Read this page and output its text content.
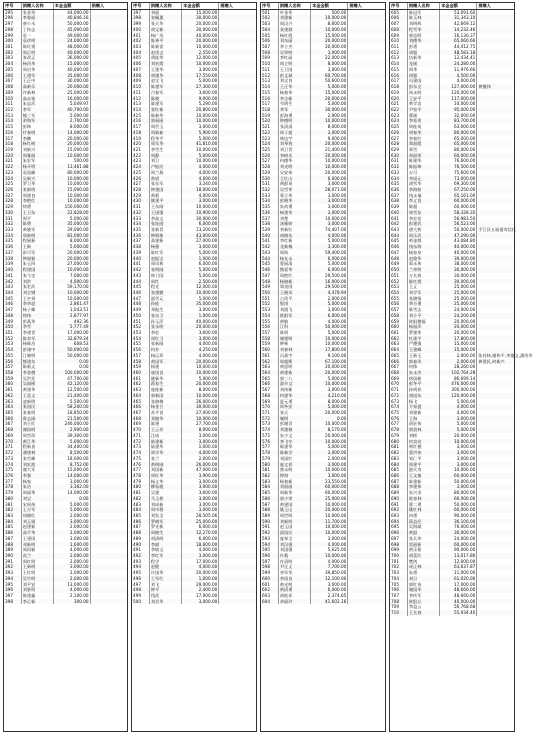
序号	捐赠人名称	本金金额	捐赠人
295	张金翠	44,000.00	
296	李春丽	40,846.16	
297	唐小水	50,000.00	
298	丁传志	45,000.00	
299	袁一	49,000.00	
300	袁改明	24,000.00	
301	陈红建	48,000.00	
302	周正明	40,000.00	
303	张改正	36,000.00	
304	杨昌华	15,000.00	
305	周启华	40,000.00	
306	王建军	35,000.00	
307	王正中	30,000.00	
308	高新乐	20,000.00	
309	许新林	25,000.00	
310	高永家	16,000.00	
311	朱忠武	5,049.97	
312	李军	40,700.00	
313	熊三军	5,000.00	
314	余海军	2,700.00	
315	彭林	8,000.00	
316	付春明	14,000.00	
317	李鹏	20,000.00	
318	杨红彬	20,000.00	
319	刘新兴	15,000.00	
320	周雅丽	10,000.00	
321	朱宏军	500.00	
322	杨开明	13,461.88	
323	袁国峰	80,000.00	
324	吴新兴	10,000.00	
325	罗卫华	10,000.00	
326	张新明	15,000.00	
327	周建良	10,000.00	
328	李艳红	10,000.00	
329	徐勇	150,000.00	
330	王卫东	22,828.00	
331	周平	5,000.00	
332	陈勇	35,000.00	
333	黄晓军	29,000.00	
334	郑新明	83,000.00	
335	程丽新	8,000.00	
336	王新	5,000.00	
337	彭可军	20,000.00	
338	钟丽新	20,000.00	
339	朱玉四	27,000.00	
340	程建国	10,000.00	
341	张今定	7,000.00	
342	刘洪	4,000.00	
343	张宏武	59,170.00	
344	刘全钢	10,000.00	
345	王中刘	10,000.00	
346	李华思	2,861.47	
347	杨子峰	1,043.51	
348	徐伟	2,877.97	
349	彭燕华	492.36	
350	李雪	5,777.49	
351	李建青	17,000.00	
352	陈寿军	32,879.24	
353	杨辉昌	608.53	
354	彭建中	50,000.00	
355	江晓明	50,000.00	
356	熊建东	0.00	
357	陈新文	0.00	
358	李金德	100,000.00	
359	吴洪发	47,700.00	
360	吴福彬	42,120.00	
361	黄建华	12,500.00	
362	王喜文	21,400.00	
363	凌新明	5,500.00	
364	张国民	58,200.00	
365	张春明	18,850.00	
366	鲁志刚	21,500.00	
367	刘王红	246,000.00	
368	谢国明	2,900.00	
369	周雪珍	39,300.00	
370	黄江华	5,000.00	
371	程新良	34,400.00	
372	潘建林	8,500.00	
373	张雪峰	18,000.00	
374	刘宏波	8,752.00	
375	谢大军	15,000.00	
376	李强	14,000.00	
377	杨家	3,000.00	
378	朱洁	3,362.00	
379	周丽华	14,000.00	
380	刘宝	0.00	
381	宋同伟	5,000.00	
382	王方军	5,000.00	
383	胡晓红	2,000.00	
384	刘玉娟	3,000.00	
385	赵建新	2,000.00	
386	高平华	2,000.00	
387	王建国	3,000.00	
388	邓新明	1,600.00	
389	周再新	4,000.00	
390	再兰	2,000.00	
391	周红明	2,000.00	
392	王新明	3,000.00	
393	王红明	2,000.00	
394	吴竹明	2,000.00	
395	刘平安	13,000.00	
396	刘景明	4,000.00	
397	陈建鑫	2,100.00	
398	李正新	300.00	
序号	捐赠人名称	本金金额	捐赠人
397	刘丽	15,000.00	
398	张佩惠	30,000.00	
399	张天华	20,000.00	
400	胡文新	30,000.00	
401	杨广凤	40,000.00	
402	陈善平	20,000.00	
403	陈新雷	10,000.00	
404	赵茂文	2,550.00	
405	胡桂华	12,000.00	
406	刘宏霞	10,000.00	
407	王建华	3,000.00	
408	胡建华	17,550.00	
409	赵宝飞	5,000.00	
410	陈建军	27,300.00	
411	吕春军	3,000.00	
412	陈晓	9,000.00	
413	陈建军	5,290.00	
414	张红新	20,800.00	
415	陈新华	10,000.00	
416	郭丽丽	10,000.00	
417	周世玉	3,000.00	
418	周新新	5,900.00	
419	程华平	5,000.00	
420	周军华	41,810.00	
421	李雪生	10,000.00	
422	周静	5,000.00	
423	刘卫	10,000.00	
424	卢振民	4,000.00	
425	周兰燕	4,000.00	
426	黄道	4,000.00	
427	张东军	3,240.00	
428	钟建国	18,000.00	
429	黄莉	4,000.00	
430	姚建平	3,000.00	
431	王东刚	10,000.00	
432	王国强	10,900.00	
433	李高文	30,000.00	
434	张连刚	6,000.00	
435	张新青	13,200.00	
436	钟炳彬	43,000.00	
437	高建新	27,000.00	
438	杨强	3,000.00	
439	陈红军	5,000.00	
440	赵振宝	1,000.00	
441	周凤和	6,000.00	
442	张明刚	5,000.00	
443	林卫国	5,000.00	
444	周红	2,500.00	
445	程光	12,000.00	
446	张建勤	10,000.00	
447	邵雪元	5,000.00	
448	孙桂	35,000.00	
449	邓振生	3,000.00	
450	张东卫	1,000.00	
451	孙玉萍	40,000.00	
452	张永明	20,000.00	
453	李宏	3,000.00	
454	周红卫	3,000.00	
455	张新刚	4,000.00	
456	何芳	4,250.00	
457	杨运珍	4,000.00	
458	黄国军	20,000.00	
459	杨建	10,000.00	
460	庞国良	10,000.00	
461	姚新华	5,000.00	
462	蒋家生	20,000.00	
463	庞桂新	8,000.00	
464	郭新国	10,000.00	
465	张晓梅	26,000.00	
466	杨金合	30,000.00	
467	苏平良	27,000.00	
468	刘晓华	10,000.00	
469	陈建	27,700.00	
470	王云芳	8,000.00	
471	汪成	3,000.00	
472	陈建新	3,000.00	
473	陆建华	1,000.00	
474	周学华	4,000.00	
475	张兰	2,000.00	
476	黄明刚	26,000.00	
477	刘国新	47,000.00	
478	周红华	3,900.00	
479	杨义华	3,000.00	
480	柳家超	3,000.00	
481	吴建	3,000.00	
482	马玉桥	3,000.00	
483	刘成新	3,000.00	
484	周中群	3,000.00	
485	刘发全	28,505.06	
486	罗晓军	25,000.00	
487	罗光新	6,000.00	
488	周晓生	12,270.00	
489	胡清明	6,000.00	
490	李斌	18,600.00	
491	李焕文	4,000.00	
492	李红军	3,000.00	
493	程学	17,000.00	
494	赵健	4,000.00	
495	许国华	20,000.00	
496	王军红	1,000.00	
497	刘飞	29,000.00	
498	钟平	2,400.00	
499	钱武	17,000.00	
500	刘京华	3,000.00	
序号	捐赠人名称	本金金额	捐赠人
501	叶金华	500.00	
502	刘建新	10,000.00	
503	周汉兴	8,600.00	
504	张建群	10,000.00	
505	杨红霞	15,000.00	
506	刘东丽	20,000.00	
507	李立杰	20,000.00	
508	吴翠明	3,000.00	
509	李红丽	22,000.00	
510	周立明	8,000.00	
511	王卫国	3,000.00	
512	彭文斌	60,700.00	
513	刘全良	50,600.00	
514	王正华	5,000.00	
515	杨春华	15,000.00	
516	李全新	20,000.00	
517	韦明生	5,000.00	
518	李军	30,000.00	
519	彭海勇	2,900.00	
520	钟德明	10,000.00	
521	张清清	8,000.00	
522	周子超	3,000.00	
523	林达宇	9,000.00	
524	刘琴筠	20,000.00	
525	刘卫青	21,400.00	
526	李树光	20,000.00	
527	何德华	10,000.00	
528	刘光明	10,000.00	
529	吴安伟	20,000.00	
530	王红山	6,000.00	
531	黄群英	3,000.00	
532	吴雪华	28,071.00	
533	郑立华	3,000.00	
534	彭晓华	3,000.00	
535	朱尚勇	3,000.00	
536	杨建华	3,000.00	
537	刘楚	10,000.00	
538	汤雅婷	3,000.00	
539	李新红	74,407.00	
540	胡晓东	4,000.00	
541	李红新	5,000.00	
542	龙新梅	3,300.00	
543	周筠	59,400.00	
544	杨友永	6,000.00	
545	曹丽清	5,000.00	
546	熊爱华	6,000.00	
547	周艳红	29,500.00	
548	杨晓新	16,000.00	
549	郑良国	29,500.00	
550	王晓凤	4,478.94	
551	占贵平	2,000.00	
552	殷涛	5,000.00	
553	刘禧飞	3,000.00	
554	欧阳军	6,000.00	
555	黄敏	4,000.00	
556	江科	50,000.00	
557	陈明	5,000.00	
558	谢建明	10,000.00	
559	钟林	10,000.00	
560	刘春林	17,800.00	
561	冯嘉宇	9,100.00	
562	周超斯	67,100.00	
563	黄思明	20,000.00	
564	黄建新	20,000.00	
565	郭三八	5,000.00	
566	游多文	10,000.00	
567	刘伟新	3,000.00	
568	何建华	4,210.00	
569	夏元勇	8,000.00	
570	周冬安	5,000.00	
571	张天	20,000.00	
572	谢明	0.00	
573	彭谢君	10,000.00	
574	刘建雅	8,170.00	
575	朱少文	20,000.00	
576	李飞亭	10,000.00	
577	陈建华	5,000.00	
578	陈新学	3,000.00	
579	刘国红	2,000.00	
580	庞文祥	3,000.00	
581	黎永明	10,000.00	
582	钟海	3,000.00	
583	杨春新	23,550.00	
584	刘丽丽	60,000.00	
585	周新华	60,000.00	
586	郭少荣	25,000.00	
587	黄建国	10,000.00	
588	姚玉山	20,000.00	
589	周世明	10,000.00	
590	刘新明	11,700.00	
591	赵玉国	10,000.00	
592	邱国民	10,000.00	
593	庞奉全	3,000.00	
594	刘汉强	4,000.00	
595	刘国强	5,625.00	
596	许燕	10,000.00	
597	许清明	4,000.00	
598	尹正义	7,700.00	
599	李军华	39,850.00	
600	李国良	12,100.00	
601	黄光明	3,000.00	
602	黄清勇	6,000.00	
603	胡松祥	2,374.65	
604	余丽玲	41,602.16	
序号	捐赠人名称	本金金额	捐赠人
605	陈冠军	53,091.60	
606	陈玉林	31,343.10	
607	刘明辉	42,669.12	
608	程雪华	14,232.46	
609	郭忠明	16,130.37	
610	刘德华	65,060.66	
611	彭勇	44,412.75	
612	胡超	48,583.18	
613	伍新华	12,434.41	
614	龙刚	24,280.00	
615	周华	11,976.66	
616	胡强	4,500.00	
617	冯建国	4,000.00	
618	彭东全	127,000.00	黄继伟
619	周永明	120,000.00	
620	王安平	117,000.00	
621	黄学忠	10,000.00	
622	尹家平	95,000.00	
623	曹刚	32,000.00	
624	李家贵	83,700.00	
625	周桂英	63,000.00	
626	胡春华	80,000.00	
627	李春红	65,000.00	
628	郑丽霞	65,000.00	
629	郑雪	80,000.00	
630	周丽荣	60,000.00	
631	陈建华	76,600.00	
632	陈振坤	76,500.00	
633	万可	75,600.00	
634	李国元	73,000.00	
635	胡雪华	69,300.00	
636	李海如	67,250.00	
637	钱永福	65,161.00	
638	李义良	60,000.00	
639	陈超	60,000.00	
640	周雪东	58,328.35	
641	李宏亮	56,983.50	
642	彭建武	56,523.00	
643	唐大桥	50,000.00	手江县五福禧寿信托
644	周乐武	47,290.00	
645	黄金群	43,084.80	
646	钱东海	40,000.00	
647	杨家泉	40,000.00	
648	赵俊华	39,000.00	
649	郑永伟	38,000.00	
650	兰荣明	30,000.00	
651	万长春	30,000.00	
652	陈红霞	30,000.00	
653	王义	25,000.00	
654	刘学军	25,000.00	
655	张晓锋	25,000.00	
656	李方勇	25,000.00	
657	陈雪志	24,000.00	
658	刘小平	24,200.00	
659	欧阳德福	20,000.00	
660	杨丽萍	20,000.00	
661	罗建华	20,000.00	
662	杜建平	17,800.00	
663	严德强	15,000.00	
664	王建峰	15,000.00	
665	王新玉	2,000.00	张祥林,谢和平,李俊文,潘茂华
666	郭春风	2,000.00	黄建民,何新兴
667	何锋	28,260.00	
668	朱永杰	102,764.28	
669	徐国新	86,699.14	
670	彭冬平	476,000.00	
671	孙明祥	300,000.00	
672	唐国东	120,000.00	
673	杨飞	5,000.00	
674	方家盛	4,000.00	
675	刘建新	4,000.00	
676	王海	3,000.00	
677	胡宏伟	5,000.00	
678	郭贤林	5,000.00	
679	刘彬	20,000.00	
680	何良亮	10,000.00	
681	黄红德	3,000.00	
682	曹洪伟	3,000.00	
683	邹仁平	3,000.00	
684	周建平	3,000.00	
685	游火寿	10,000.00	
686	王文雄	60,000.00	
687	陈建新	50,000.00	
688	李建伟	3,000.00	
689	朱兴炎	80,000.00	
690	欧家林	60,000.00	
691	曹二勇	50,000.00	
692	姚红林	60,000.00	
693	何勇	90,000.00	
694	蒋益民	36,100.00	
695	吴海斌	76,000.00	
696	黄淑	30,000.00	
697	张兵华	24,000.00	
698	雷丽新	60,000.00	
699	黄乐铭	90,000.00	
700	胡喜红	13,017.86	
701	樊剑	12,000.00	
702	成正林	63,637.87	
703	朱勇	11,000.00	
704	刘旦	61,020.00	
705	郭红英	17,000.00	
706	谢国华	48,660.00	
707	李传军	48,660.00	
708	欧阳兵	40,000.00	
709	李益云	56,768.68	
710	王长春	55,934.40	
